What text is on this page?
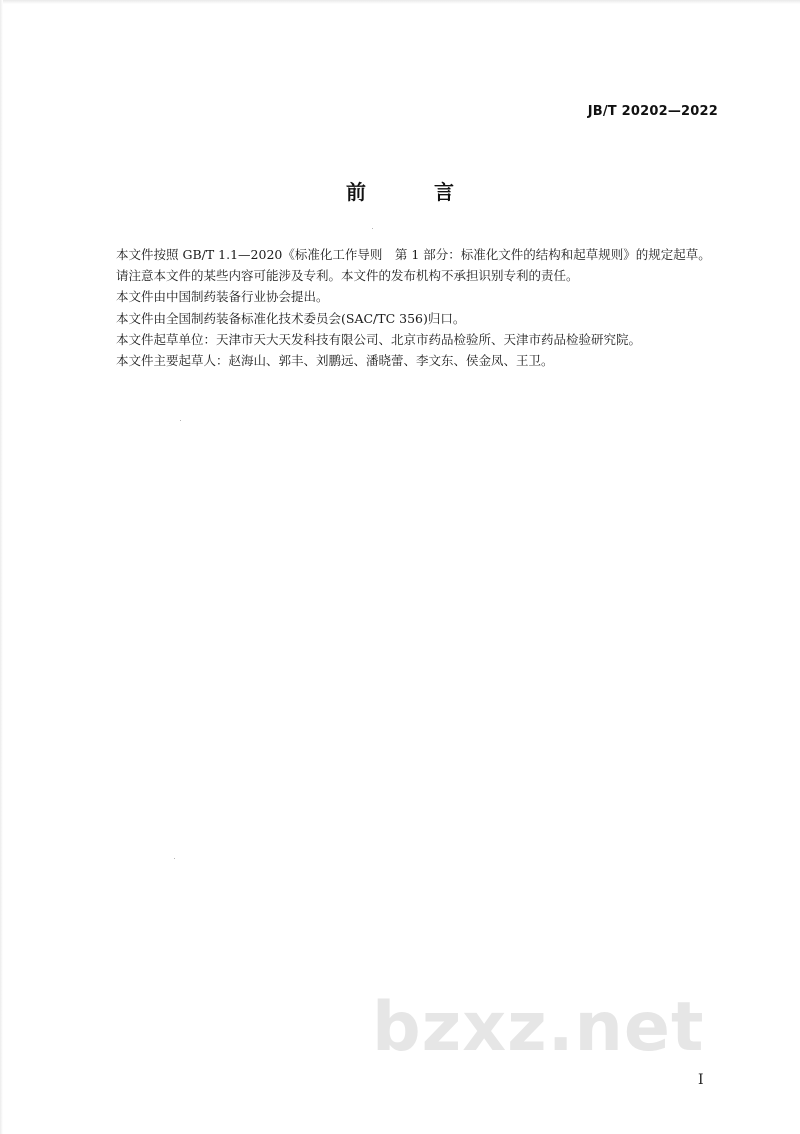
JB/T 20202—2022
前　言

本文件按照 GB/T 1.1—2020《标准化工作导则　第 1 部分：标准化文件的结构和起草规则》的规定起草。

请注意本文件的某些内容可能涉及专利。本文件的发布机构不承担识别专利的责任。

本文件由中国制药装备行业协会提出。

本文件由全国制药装备标准化技术委员会(SAC/TC 356)归口。

本文件起草单位：天津市天大天发科技有限公司、北京市药品检验所、天津市药品检验研究院。

本文件主要起草人：赵海山、郭丰、刘鹏远、潘晓蕾、李文东、侯金凤、王卫。

bzxz.net
I
